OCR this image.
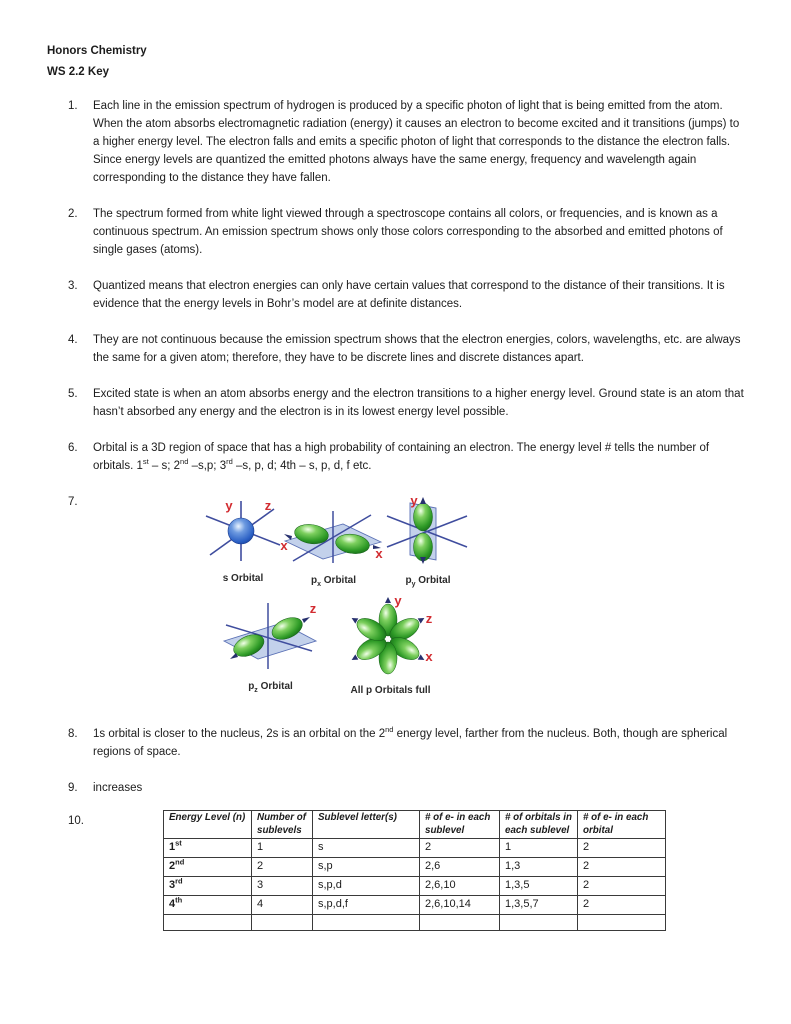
Honors Chemistry
WS 2.2 Key
1.	Each line in the emission spectrum of hydrogen is produced by a specific photon of light that is being emitted from the atom. When the atom absorbs electromagnetic radiation (energy) it causes an electron to become excited and it transitions (jumps) to a higher energy level. The electron falls and emits a specific photon of light that corresponds to the distance the electron falls. Since energy levels are quantized the emitted photons always have the same energy, frequency and wavelength again corresponding to the distance they have fallen.
2.	The spectrum formed from white light viewed through a spectroscope contains all colors, or frequencies, and is known as a continuous spectrum. An emission spectrum shows only those colors corresponding to the absorbed and emitted photons of single gases (atoms).
3.	Quantized means that electron energies can only have certain values that correspond to the distance of their transitions. It is evidence that the energy levels in Bohr’s model are at definite distances.
4.	They are not continuous because the emission spectrum shows that the electron energies, colors, wavelengths, etc. are always the same for a given atom; therefore, they have to be discrete lines and discrete distances apart.
5.	Excited state is when an atom absorbs energy and the electron transitions to a higher energy level. Ground state is an atom that hasn’t absorbed any energy and the electron is in its lowest energy level possible.
6.	Orbital is a 3D region of space that has a high probability of containing an electron. The energy level # tells the number of orbitals. 1st – s; 2nd –s,p; 3rd –s, p, d; 4th – s, p, d, f etc.
7.	y z
x
s Orbital
x
$p_x$ Orbital
y
$p_y$ Orbital
z
$p_z$ Orbital
y
z
x
All p Orbitals full
8.	1s orbital is closer to the nucleus, 2s is an orbital on the 2nd energy level, farther from the nucleus. Both, though are spherical regions of space.
9.	increases
10.	Energy Level (n)	Number of sublevels	Sublevel letter(s)	# of e- in each sublevel	# of orbitals in each sublevel	# of e- in each orbital
1st	1	s	2	1	2
2nd	2	s,p	2,6	1,3	2
3rd	3	s,p,d	2,6,10	1,3,5	2
4th	4	s,p,d,f	2,6,10,14	1,3,5,7	2
